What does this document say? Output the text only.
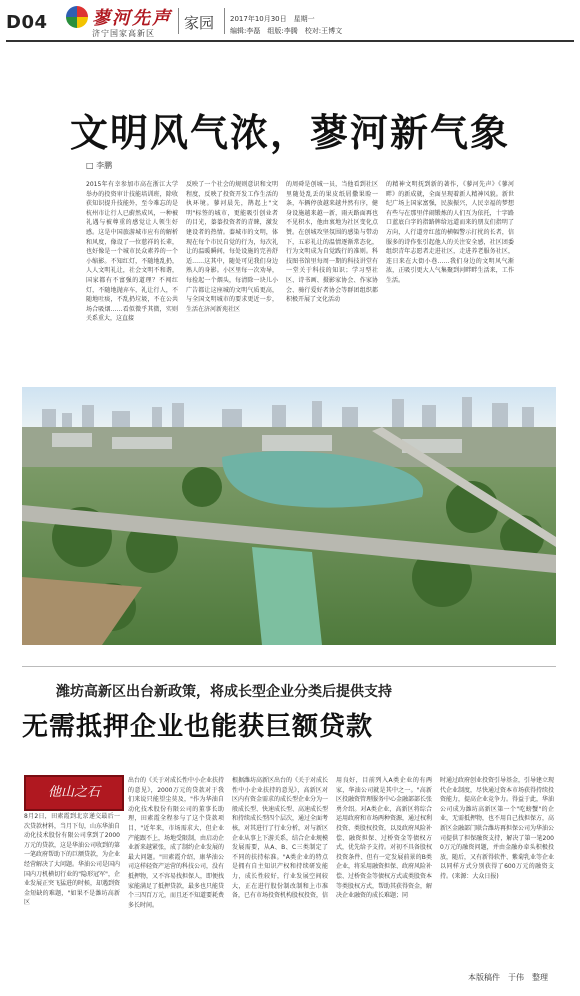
D04 蓼河先声
济宁国家高新区
家园 2017年10月30日　星期一
编辑:李磊　组版:李腾　校对:王博文
文明风气浓，蓼河新气象
□ 李鹏
2015年有幸参加市高在浙江大学举办的投资审计技能培训班，除收获知识提升技能外，至今难忘的是杭州市让行人已蔚然成风，一种被礼遇与被尊重的感觉让人领生好感。这是中国旅游城市应有的解析和风度，像设了一位慈祥的长辈，也好像是一个城市民众素养的一个小缩影。不知红灯，不随地乱扔，人人文明礼让，社会文明不和谐，国家都有不富强的道理？不闯红灯，不随地抛弃车，礼让行人，不随地吐痰，不乱扔垃圾，不在公共场合吸烟……看似微乎其微，实则关系重大，这直接
反映了一个社会的规则意识和文明程度，反映了投资开发工作生活的执环境。蓼河晨先，鹊起上"文明"标签的城市，更能吸引创业者的目光，蓁蓁投资者的青睐，激发建设者的热情。蓁城市的文明，体现在每个市民自觉的行为，每次礼让的温暖瞬间，每处设施的完善舒适……这其中，随处可见我们身边熟人的身影。小区里每一次劝导，每捡起一个烟头，每清除一块儿小广告都让这座城的文明气质更高，与全国文明城市的要求更近一步，生活在济河新苑社区
的周舜是创城一员，当他看到社区里随处乱丢的果皮纸屑撒果睑一条，车辆停放越来越井然有序，健身设施越来越一新，雨天路面再也不见积水，他由衷地为社区变化点赞。在创城攻坚氛围的感染与带动下，五彩礼让的温情逐渐常态化，行为文明成为自觉践行的准则。科技图书馆里每周一期的科技讲堂有一堂关于科技的知识；学习型社区、诗书画、摄影家协会、作家协会、骑行爱好者协会等群团组织都积极开展了文化活动
的精神文明抚到新的著作，《蓼河先声》《蓼河畔》的新成就，全面呈现着新人精神风貌。新世纪广场上国家富强，民族振兴，人民幸福的梦想有些与在那里伴闹锻炼的人们互为依托，十字路口蓝底白字的指路牌给远道而来的朋友们指明了方向，人行道旁红蓝的横幅警示打扰的长者，信服多的诗作张引起他人的关注安全感，社区团委组织青年志愿者走进社区，走进养老服务社区，连日来在大街小巷……我们身边的文明风气渐浓，正吸引更大人气集聚到河畔畔生活来，工作生活。
潍坊高新区出台新政策，将成长型企业分类后提供支持
无需抵押企业也能获巨额贷款
他山之石
8月2日，田素霞到北京递交最后一次贷款材料，当月下旬，山东华油自动化技术股份有限公司拿到了2000万元的贷款，这是华油公司收到的第一笔政府帮助下的巨额贷款，为企业经营解决了大问题。华油公司是国内国内刀机横切行业的"隐形冠军"，企业发展正突飞猛进的时候，却遇到资金短缺的难题，"如果不是潍坊高新区
出台的《关于对成长性中小企业扶持的意见》，2000万元的贷款对于我们来说只能望尘莫及，"作为华油自动化技术股份有限公司的董事长助理，田素霞全程参与了这个贷款项目，"近年来，市场需求大，但企业产能跟不上，场地受限制，由启动企业新来越紧张，成了制约企业发展的最大问题。"田素霞介绍，康华油公司这样轻资产运营的科技公司，没有抵押物，又不容易找担保人，即便找家能满足了抵押贷款，最多也只能贷个三四百万元，而且还不知道要耗费多长时间。
根据潍坊高新区出台的《关于对成长性中小企业扶持的意见》，高新区对区内有资金需求的成长型企业分为一般成长型、快速成长型、高速成长型和持续成长型四个层次，通过全面考核，对其进行了行业分析，对与新区企业从事上下游关系，结合企业规模发展需要，从A、B、C三类制定了不同的扶持标准。"A类企业的特点是拥有自主知识产权和持续研发能力，成长性较好，行业发展空间较大，正在进行股份制改制和上市准备，已有市场投资机构股权投资，信
用良好，目前列入A类企业的有两家，华油公司就是其中之一。"高新区投融资管理服务中心金融部部长张勇介绍。对A类企业，高新区将综合运用政府和市场两种资源，通过权利投资、类股权投资，以及政府风险补偿、融资担保、过桥资金等债权方式，优先给予支持。对初不具备股权投资条件、但有一定发展前景的B类企业，将采用融资担保、政府风险补偿、过桥资金等债权方式或类股资本等类股权方式，帮助其获得资金，解决企业融资的成长难题；同
时通过政府创业投资引导基金，引导建立现代企业制度，尽快通过资本市场获得持续投资能力，提高企业竞争力。得益于此，华油公司成为潍坊高新区第一个"吃螃蟹"的企业，无需抵押物，也不用自己找担保方，高新区金融部门联合潍坊再担保公司为华油公司提供了担保融资支持，解决了第一笔2000万元的融资问题，并由金融办牵头积极投放，随后，又有新得软件、紫菊乳业等企业以同样方式分别获得了600万元的融资支持。(来源：大众日报)
本版稿件　于伟　整理
